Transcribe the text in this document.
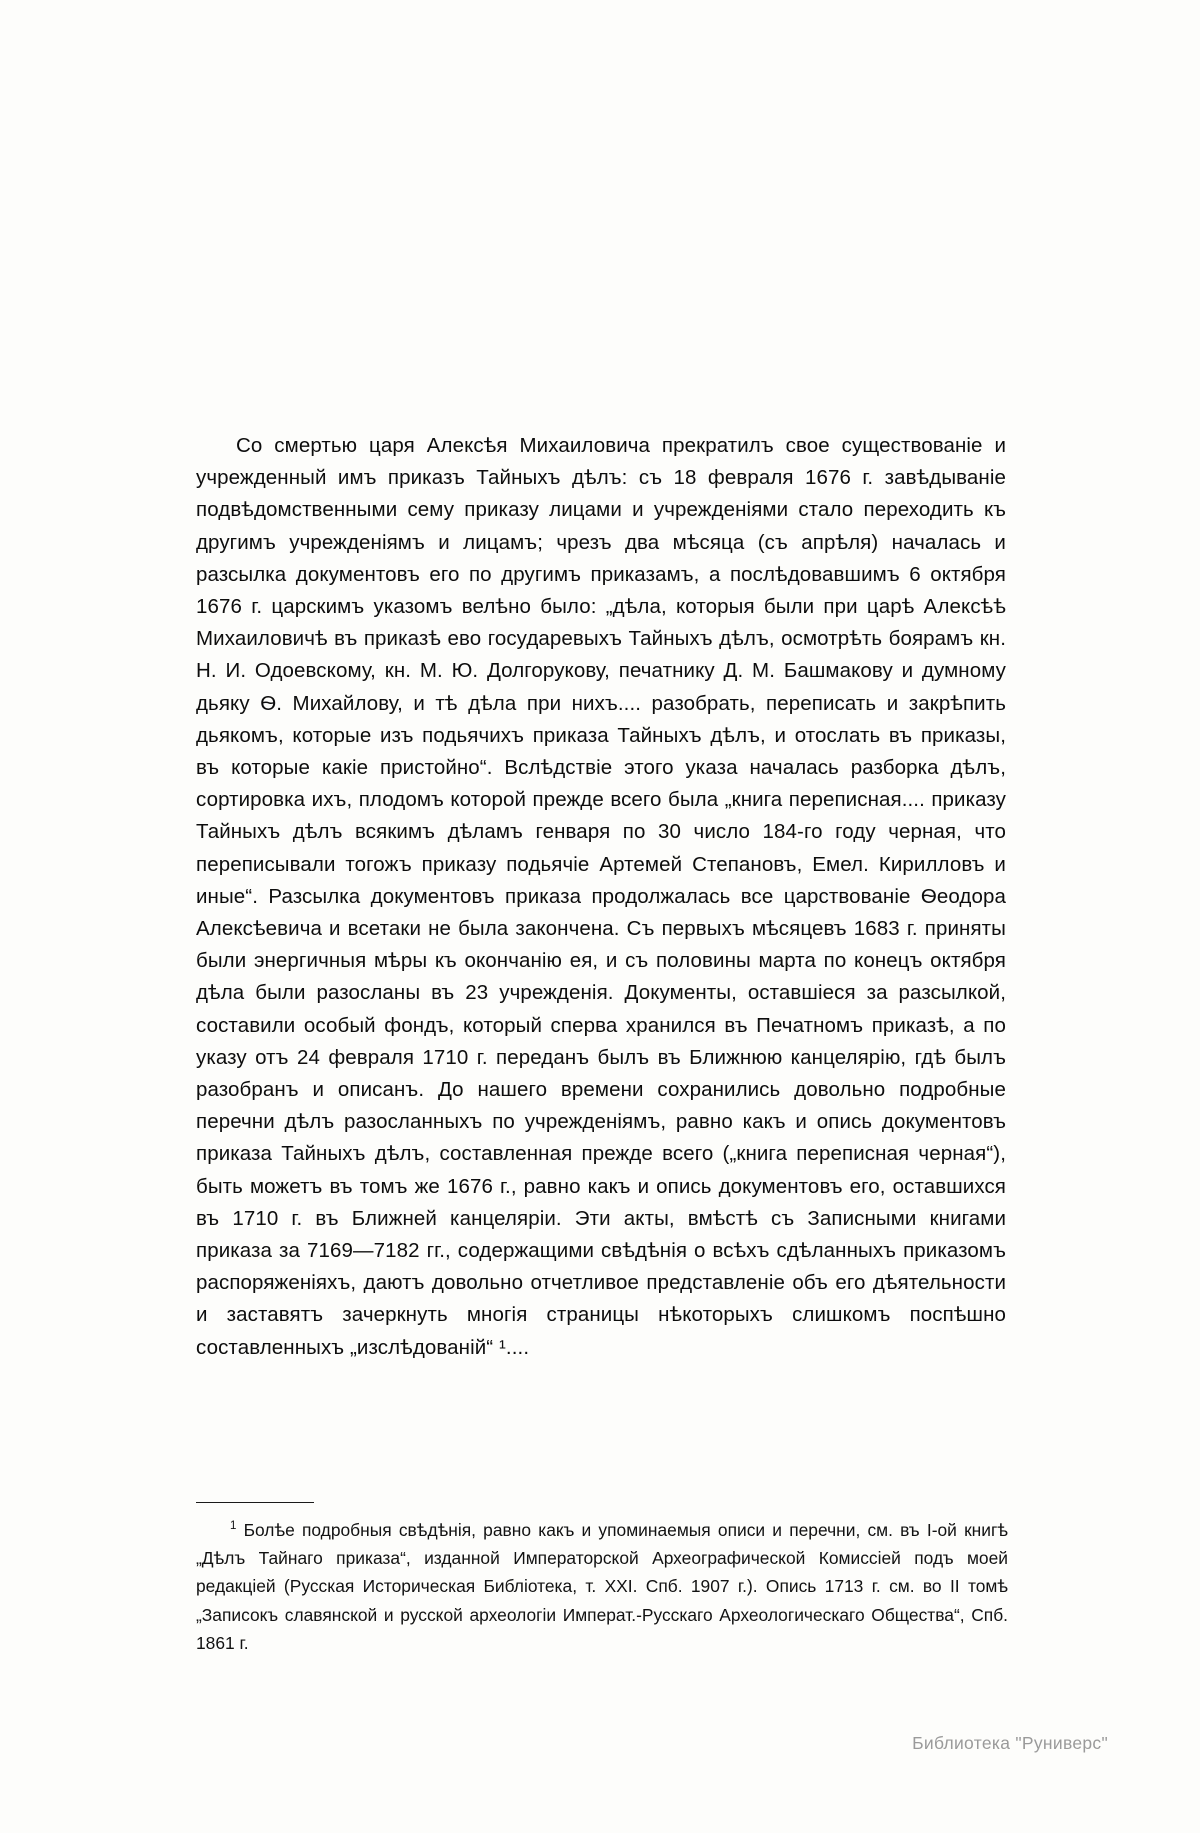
Со смертью царя Алексѣя Михаиловича прекратилъ свое существованіе и учрежденный имъ приказъ Тайныхъ дѣлъ: съ 18 февраля 1676 г. завѣдываніе подвѣдомственными сему приказу лицами и учрежденіями стало переходить къ другимъ учрежденіямъ и лицамъ; чрезъ два мѣсяца (съ апрѣля) началась и разсылка документовъ его по другимъ приказамъ, а послѣдовавшимъ 6 октября 1676 г. царскимъ указомъ велѣно было: „дѣла, которыя были при царѣ Алексѣѣ Михаиловичѣ въ приказѣ ево государевыхъ Тайныхъ дѣлъ, осмотрѣть боярамъ кн. Н. И. Одоевскому, кн. М. Ю. Долгорукову, печатнику Д. М. Башмакову и думному дьяку Ѳ. Михайлову, и тѣ дѣла при нихъ.... разобрать, переписать и закрѣпить дьякомъ, которые изъ подьячихъ приказа Тайныхъ дѣлъ, и отослать въ приказы, въ которые какіе пристойно“. Вслѣдствіе этого указа началась разборка дѣлъ, сортировка ихъ, плодомъ которой прежде всего была „книга переписная.... приказу Тайныхъ дѣлъ всякимъ дѣламъ генваря по 30 число 184-го году черная, что переписывали тогожъ приказу подьячіе Артемей Степановъ, Емел. Кирилловъ и иные“. Разсылка документовъ приказа продолжалась все царствованіе Ѳеодора Алексѣевича и всетаки не была закончена. Съ первыхъ мѣсяцевъ 1683 г. приняты были энергичныя мѣры къ окончанію ея, и съ половины марта по конецъ октября дѣла были разосланы въ 23 учрежденія. Документы, оставшіеся за разсылкой, составили особый фондъ, который сперва хранился въ Печатномъ приказѣ, а по указу отъ 24 февраля 1710 г. переданъ былъ въ Ближнюю канцелярію, гдѣ былъ разобранъ и описанъ. До нашего времени сохранились довольно подробные перечни дѣлъ разосланныхъ по учрежденіямъ, равно какъ и опись документовъ приказа Тайныхъ дѣлъ, составленная прежде всего („книга переписная черная“), быть можетъ въ томъ же 1676 г., равно какъ и опись документовъ его, оставшихся въ 1710 г. въ Ближней канцеляріи. Эти акты, вмѣстѣ съ Записными книгами приказа за 7169—7182 гг., содержащими свѣдѣнія о всѣхъ сдѣланныхъ приказомъ распоряженіяхъ, даютъ довольно отчетливое представленіе объ его дѣятельности и заставятъ зачеркнуть многія страницы нѣкоторыхъ слишкомъ поспѣшно составленныхъ „изслѣдованій“ ¹....

$^1$ Болѣе подробныя свѣдѣнія, равно какъ и упоминаемыя описи и перечни, см. въ I-ой книгѣ „Дѣлъ Тайнаго приказа“, изданной Императорской Археографической Комиссіей подъ моей редакціей (Русская Историческая Библіотека, т. XXI. Спб. 1907 г.). Опись 1713 г. см. во II томѣ „Записокъ славянской и русской археологіи Императ.-Русскаго Археологическаго Общества“, Спб. 1861 г.

Библиотека "Руниверс"
